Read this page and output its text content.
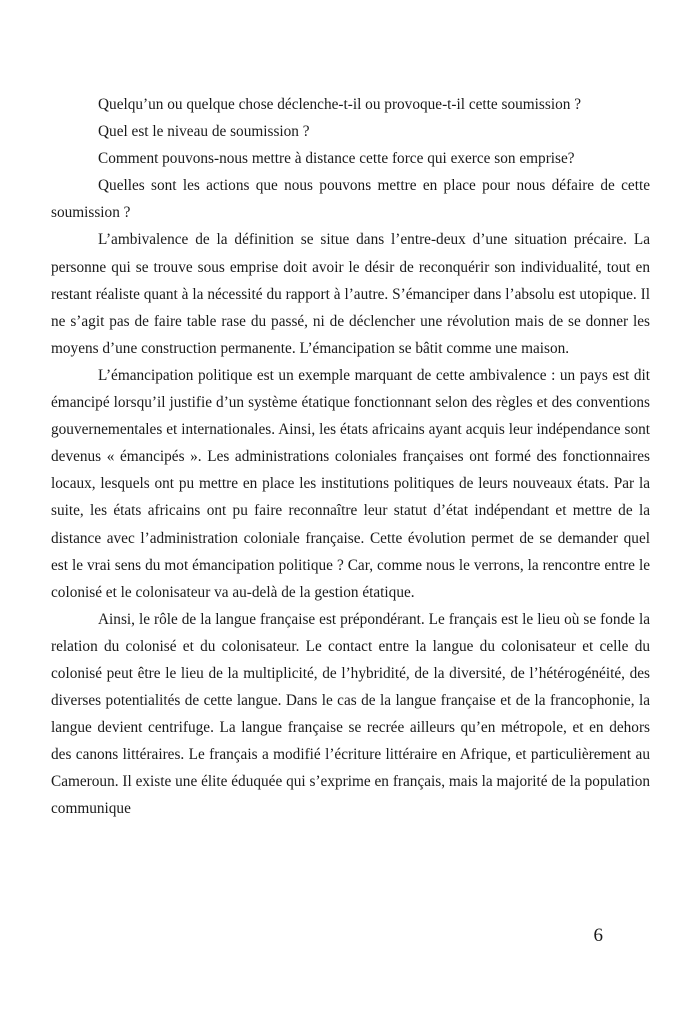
Quelqu’un ou quelque chose déclenche-t-il ou provoque-t-il cette soumission ?

Quel est le niveau de soumission ?

Comment pouvons-nous mettre à distance cette force qui exerce son emprise?

Quelles sont les actions que nous pouvons mettre en place pour nous défaire de cette soumission ?

L’ambivalence de la définition se situe dans l’entre-deux d’une situation précaire. La personne qui se trouve sous emprise doit avoir le désir de reconquérir son individualité, tout en restant réaliste quant à la nécessité du rapport à l’autre. S’émanciper dans l’absolu est utopique. Il ne s’agit pas de faire table rase du passé, ni de déclencher une révolution mais de se donner les moyens d’une construction permanente. L’émancipation se bâtit comme une maison.

L’émancipation politique est un exemple marquant de cette ambivalence : un pays est dit émancipé lorsqu’il justifie d’un système étatique fonctionnant selon des règles et des conventions gouvernementales et internationales. Ainsi, les états africains ayant acquis leur indépendance sont devenus « émancipés ». Les administrations coloniales françaises ont formé des fonctionnaires locaux, lesquels ont pu mettre en place les institutions politiques de leurs nouveaux états. Par la suite, les états africains ont pu faire reconnaître leur statut d’état indépendant et mettre de la distance avec l’administration coloniale française. Cette évolution permet de se demander quel est le vrai sens du mot émancipation politique ? Car, comme nous le verrons, la rencontre entre le colonisé et le colonisateur va au-delà de la gestion étatique.

Ainsi, le rôle de la langue française est prépondérant. Le français est le lieu où se fonde la relation du colonisé et du colonisateur. Le contact entre la langue du colonisateur et celle du colonisé peut être le lieu de la multiplicité, de l’hybridité, de la diversité, de l’hétérogénéité, des diverses potentialités de cette langue. Dans le cas de la langue française et de la francophonie, la langue devient centrifuge. La langue française se recrée ailleurs qu’en métropole, et en dehors des canons littéraires. Le français a modifié l’écriture littéraire en Afrique, et particulièrement au Cameroun. Il existe une élite éduquée qui s’exprime en français, mais la majorité de la population communique

6
